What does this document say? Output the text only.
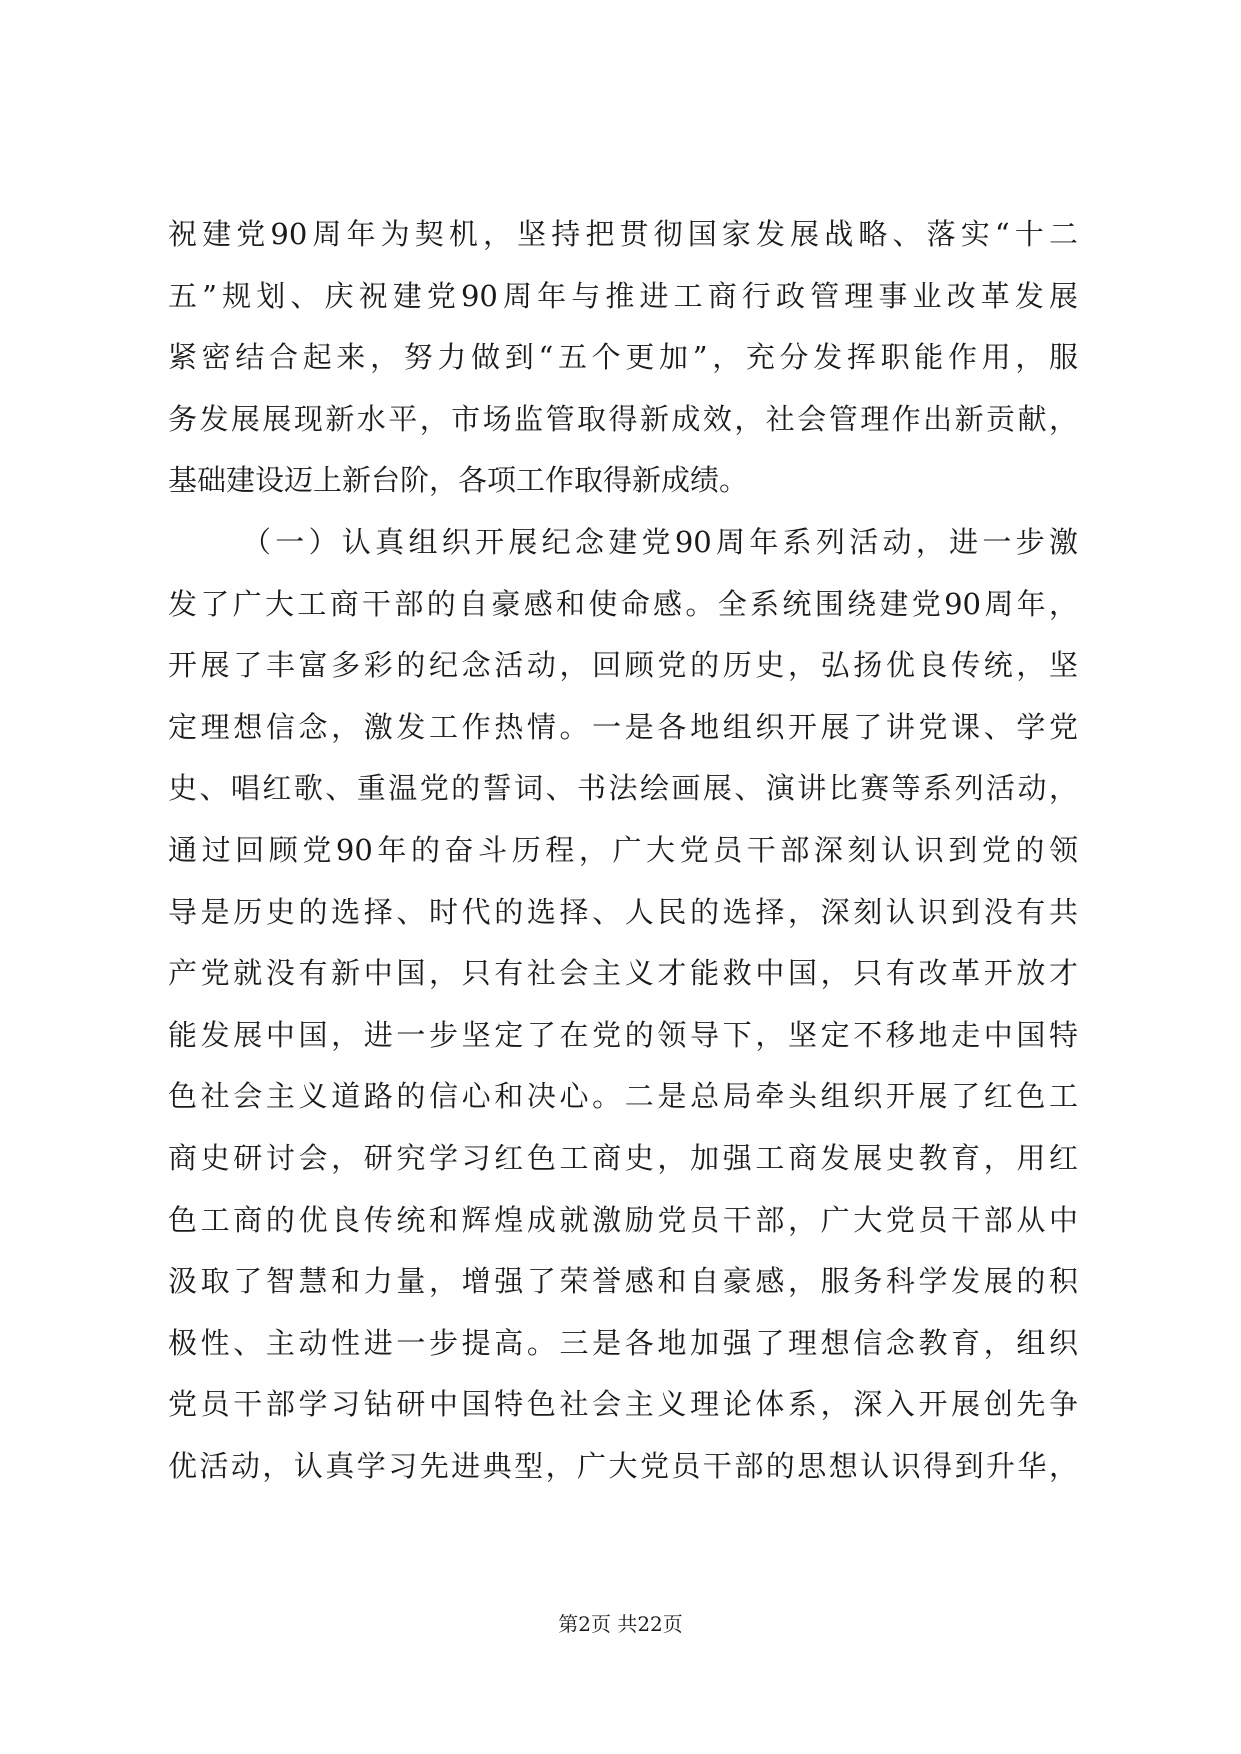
祝建党90周年为契机，坚持把贯彻国家发展战略、落实“十二
五”规划、庆祝建党90周年与推进工商行政管理事业改革发展
紧密结合起来，努力做到“五个更加”，充分发挥职能作用，服
务发展展现新水平，市场监管取得新成效，社会管理作出新贡献，
基础建设迈上新台阶，各项工作取得新成绩。
（一）认真组织开展纪念建党90周年系列活动，进一步激
发了广大工商干部的自豪感和使命感。全系统围绕建党90周年，
开展了丰富多彩的纪念活动，回顾党的历史，弘扬优良传统，坚
定理想信念，激发工作热情。一是各地组织开展了讲党课、学党
史、唱红歌、重温党的誓词、书法绘画展、演讲比赛等系列活动，
通过回顾党90年的奋斗历程，广大党员干部深刻认识到党的领
导是历史的选择、时代的选择、人民的选择，深刻认识到没有共
产党就没有新中国，只有社会主义才能救中国，只有改革开放才
能发展中国，进一步坚定了在党的领导下，坚定不移地走中国特
色社会主义道路的信心和决心。二是总局牵头组织开展了红色工
商史研讨会，研究学习红色工商史，加强工商发展史教育，用红
色工商的优良传统和辉煌成就激励党员干部，广大党员干部从中
汲取了智慧和力量，增强了荣誉感和自豪感，服务科学发展的积
极性、主动性进一步提高。三是各地加强了理想信念教育，组织
党员干部学习钻研中国特色社会主义理论体系，深入开展创先争
优活动，认真学习先进典型，广大党员干部的思想认识得到升华，
第2页 共22页
